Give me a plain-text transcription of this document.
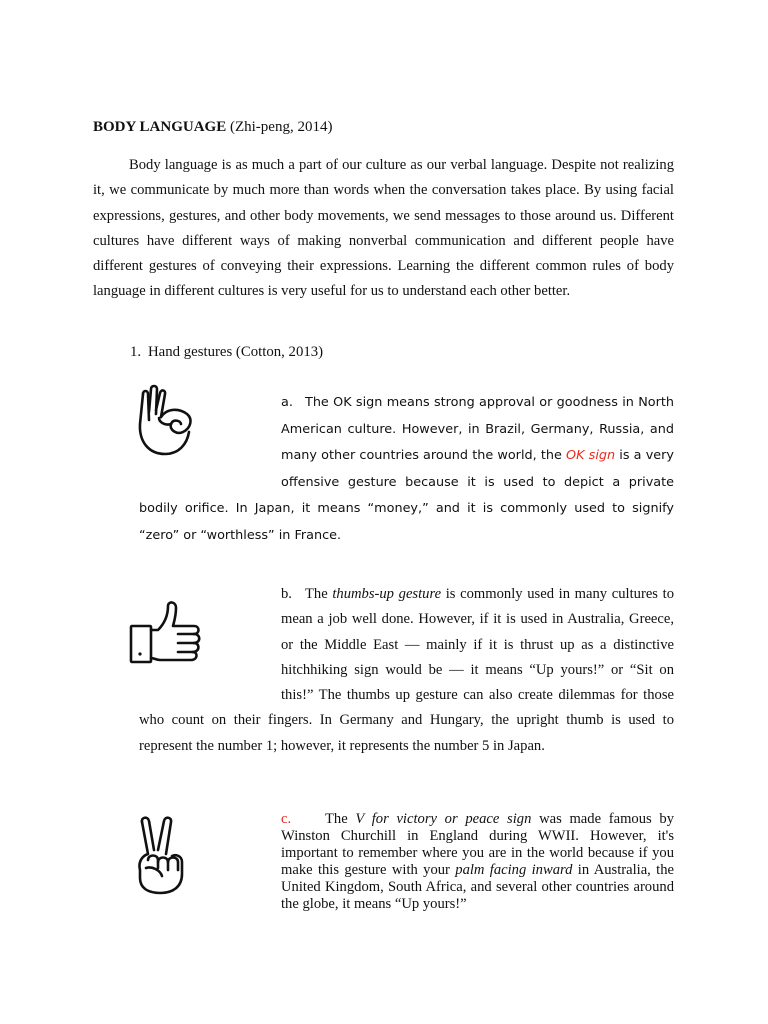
BODY LANGUAGE (Zhi-peng, 2014)

Body language is as much a part of our culture as our verbal language. Despite not realizing it, we communicate by much more than words when the conversation takes place. By using facial expressions, gestures, and other body movements, we send messages to those around us. Different cultures have different ways of making nonverbal communication and different people have different gestures of conveying their expressions. Learning the different common rules of body language in different cultures is very useful for us to understand each other better.

1. Hand gestures (Cotton, 2013)

a. The OK sign means strong approval or goodness in North American culture. However, in Brazil, Germany, Russia, and many other countries around the world, the OK sign is a very offensive gesture because it is used to depict a private bodily orifice. In Japan, it means “money,” and it is commonly used to signify “zero” or “worthless” in France.
b. The thumbs-up gesture is commonly used in many cultures to mean a job well done. However, if it is used in Australia, Greece, or the Middle East — mainly if it is thrust up as a distinctive hitchhiking sign would be — it means “Up yours!” or “Sit on this!” The thumbs up gesture can also create dilemmas for those who count on their fingers. In Germany and Hungary, the upright thumb is used to represent the number 1; however, it represents the number 5 in Japan.
c. The V for victory or peace sign was made famous by Winston Churchill in England during WWII. However, it's important to remember where you are in the world because if you make this gesture with your palm facing inward in Australia, the United Kingdom, South Africa, and several other countries around the globe, it means “Up yours!”
